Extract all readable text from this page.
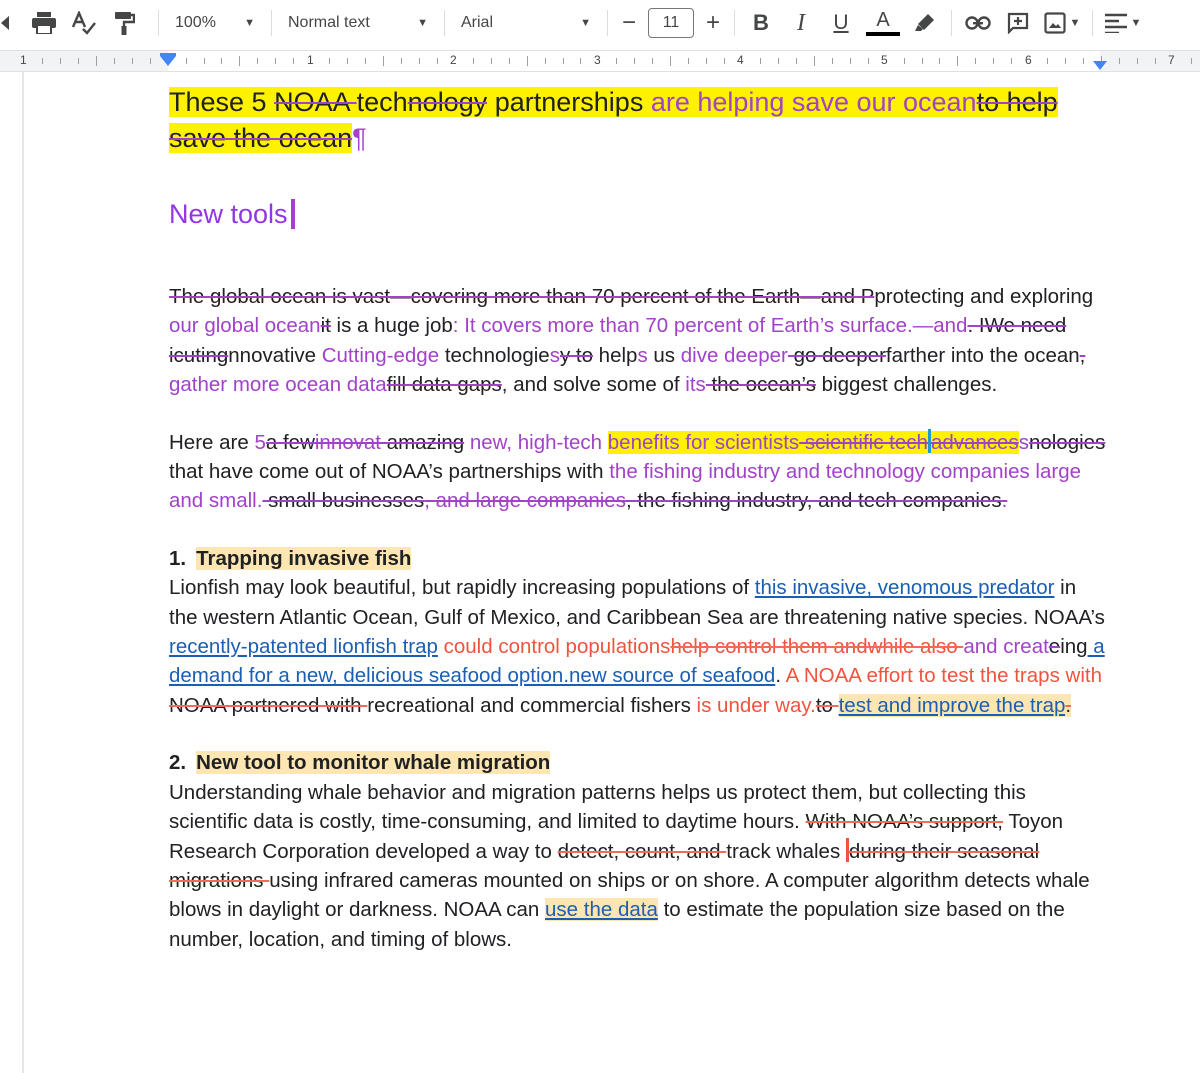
100%	▼ Normal text	▼ Arial	▼	−	11	+	B	I	U	A	▼	▼
1	1	2	3	4	5	6	7

These 5 NOAA technology partnerships are helping save our oceanto help save the ocean¶

New tools

The global ocean is vast—covering more than 70 percent of the Earth—and Pprotecting and exploring our global oceanit is a huge job: It covers more than 70 percent of Earth’s surface.—and. IWe need icutingnnovative Cutting-edge technologiesy to helps us dive deeper go deeperfarther into the ocean, gather more ocean datafill data gaps, and solve some of its the ocean’s biggest challenges.

Here are 5a fewinnovat amazing new, high-tech benefits for scientists scientific tech advancessnologies that have come out of NOAA’s partnerships with the fishing industry and technology companies large and small. small businesses, and large companies, the fishing industry, and tech companies.

1. Trapping invasive fish

Lionfish may look beautiful, but rapidly increasing populations of this invasive, venomous predator in the western Atlantic Ocean, Gulf of Mexico, and Caribbean Sea are threatening native species. NOAA’s recently-patented lionfish trap could control populationshelp control them andwhile also and createing a demand for a new, delicious seafood option.new source of seafood. A NOAA effort to test the traps with NOAA partnered with recreational and commercial fishers is under way.to test and improve the trap.

2. New tool to monitor whale migration

Understanding whale behavior and migration patterns helps us protect them, but collecting this scientific data is costly, time-consuming, and limited to daytime hours. With NOAA’s support, Toyon Research Corporation developed a way to detect, count, and track whales during their seasonal migrations using infrared cameras mounted on ships or on shore. A computer algorithm detects whale blows in daylight or darkness. NOAA can use the data to estimate the population size based on the number, location, and timing of blows.
